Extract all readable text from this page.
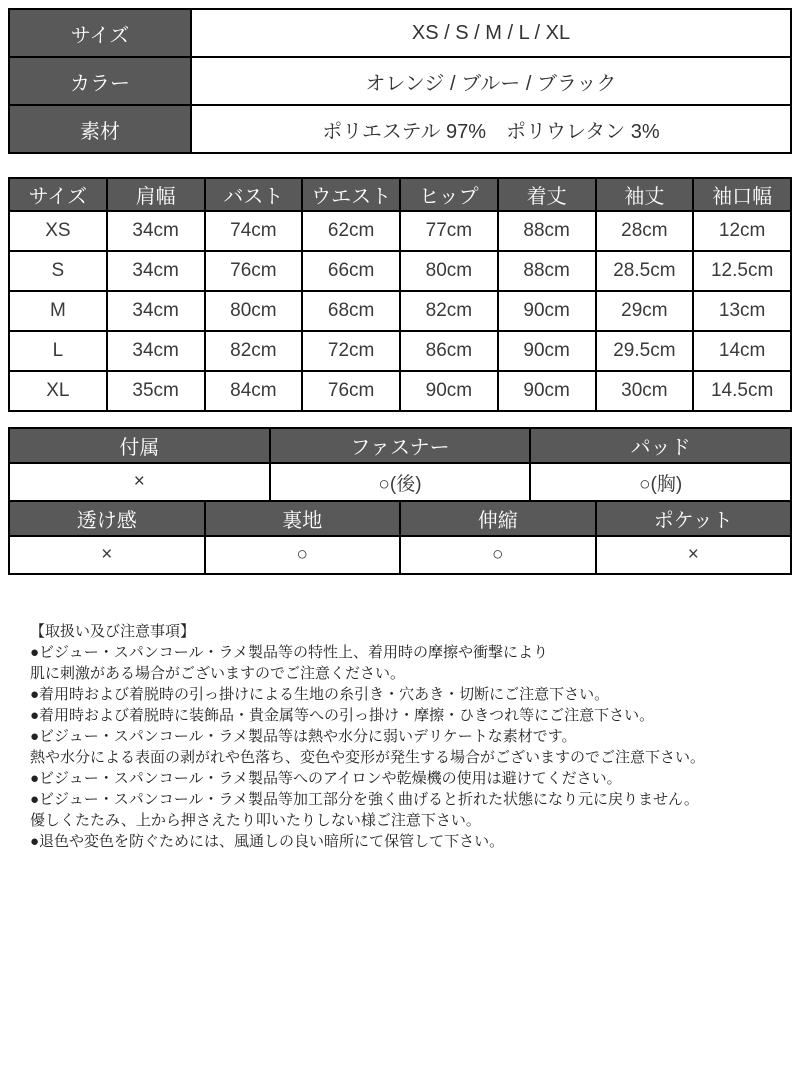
サイズ	XS / S / M / L / XL
カラー	オレンジ / ブルー / ブラック
素材	ポリエステル 97%　ポリウレタン 3%
サイズ	肩幅	バスト	ウエスト	ヒップ	着丈	袖丈	袖口幅
XS	34cm	74cm	62cm	77cm	88cm	28cm	12cm
S	34cm	76cm	66cm	80cm	88cm	28.5cm	12.5cm
M	34cm	80cm	68cm	82cm	90cm	29cm	13cm
L	34cm	82cm	72cm	86cm	90cm	29.5cm	14cm
XL	35cm	84cm	76cm	90cm	90cm	30cm	14.5cm
付属	ファスナー	パッド
×	○(後)	○(胸)
透け感	裏地	伸縮	ポケット
×	○	○	×
【取扱い及び注意事項】
●ビジュー・スパンコール・ラメ製品等の特性上、着用時の摩擦や衝撃により
肌に刺激がある場合がございますのでご注意ください。
●着用時および着脱時の引っ掛けによる生地の糸引き・穴あき・切断にご注意下さい。
●着用時および着脱時に装飾品・貴金属等への引っ掛け・摩擦・ひきつれ等にご注意下さい。
●ビジュー・スパンコール・ラメ製品等は熱や水分に弱いデリケートな素材です。
熱や水分による表面の剥がれや色落ち、変色や変形が発生する場合がございますのでご注意下さい。
●ビジュー・スパンコール・ラメ製品等へのアイロンや乾燥機の使用は避けてください。
●ビジュー・スパンコール・ラメ製品等加工部分を強く曲げると折れた状態になり元に戻りません。
優しくたたみ、上から押さえたり叩いたりしない様ご注意下さい。
●退色や変色を防ぐためには、風通しの良い暗所にて保管して下さい。
